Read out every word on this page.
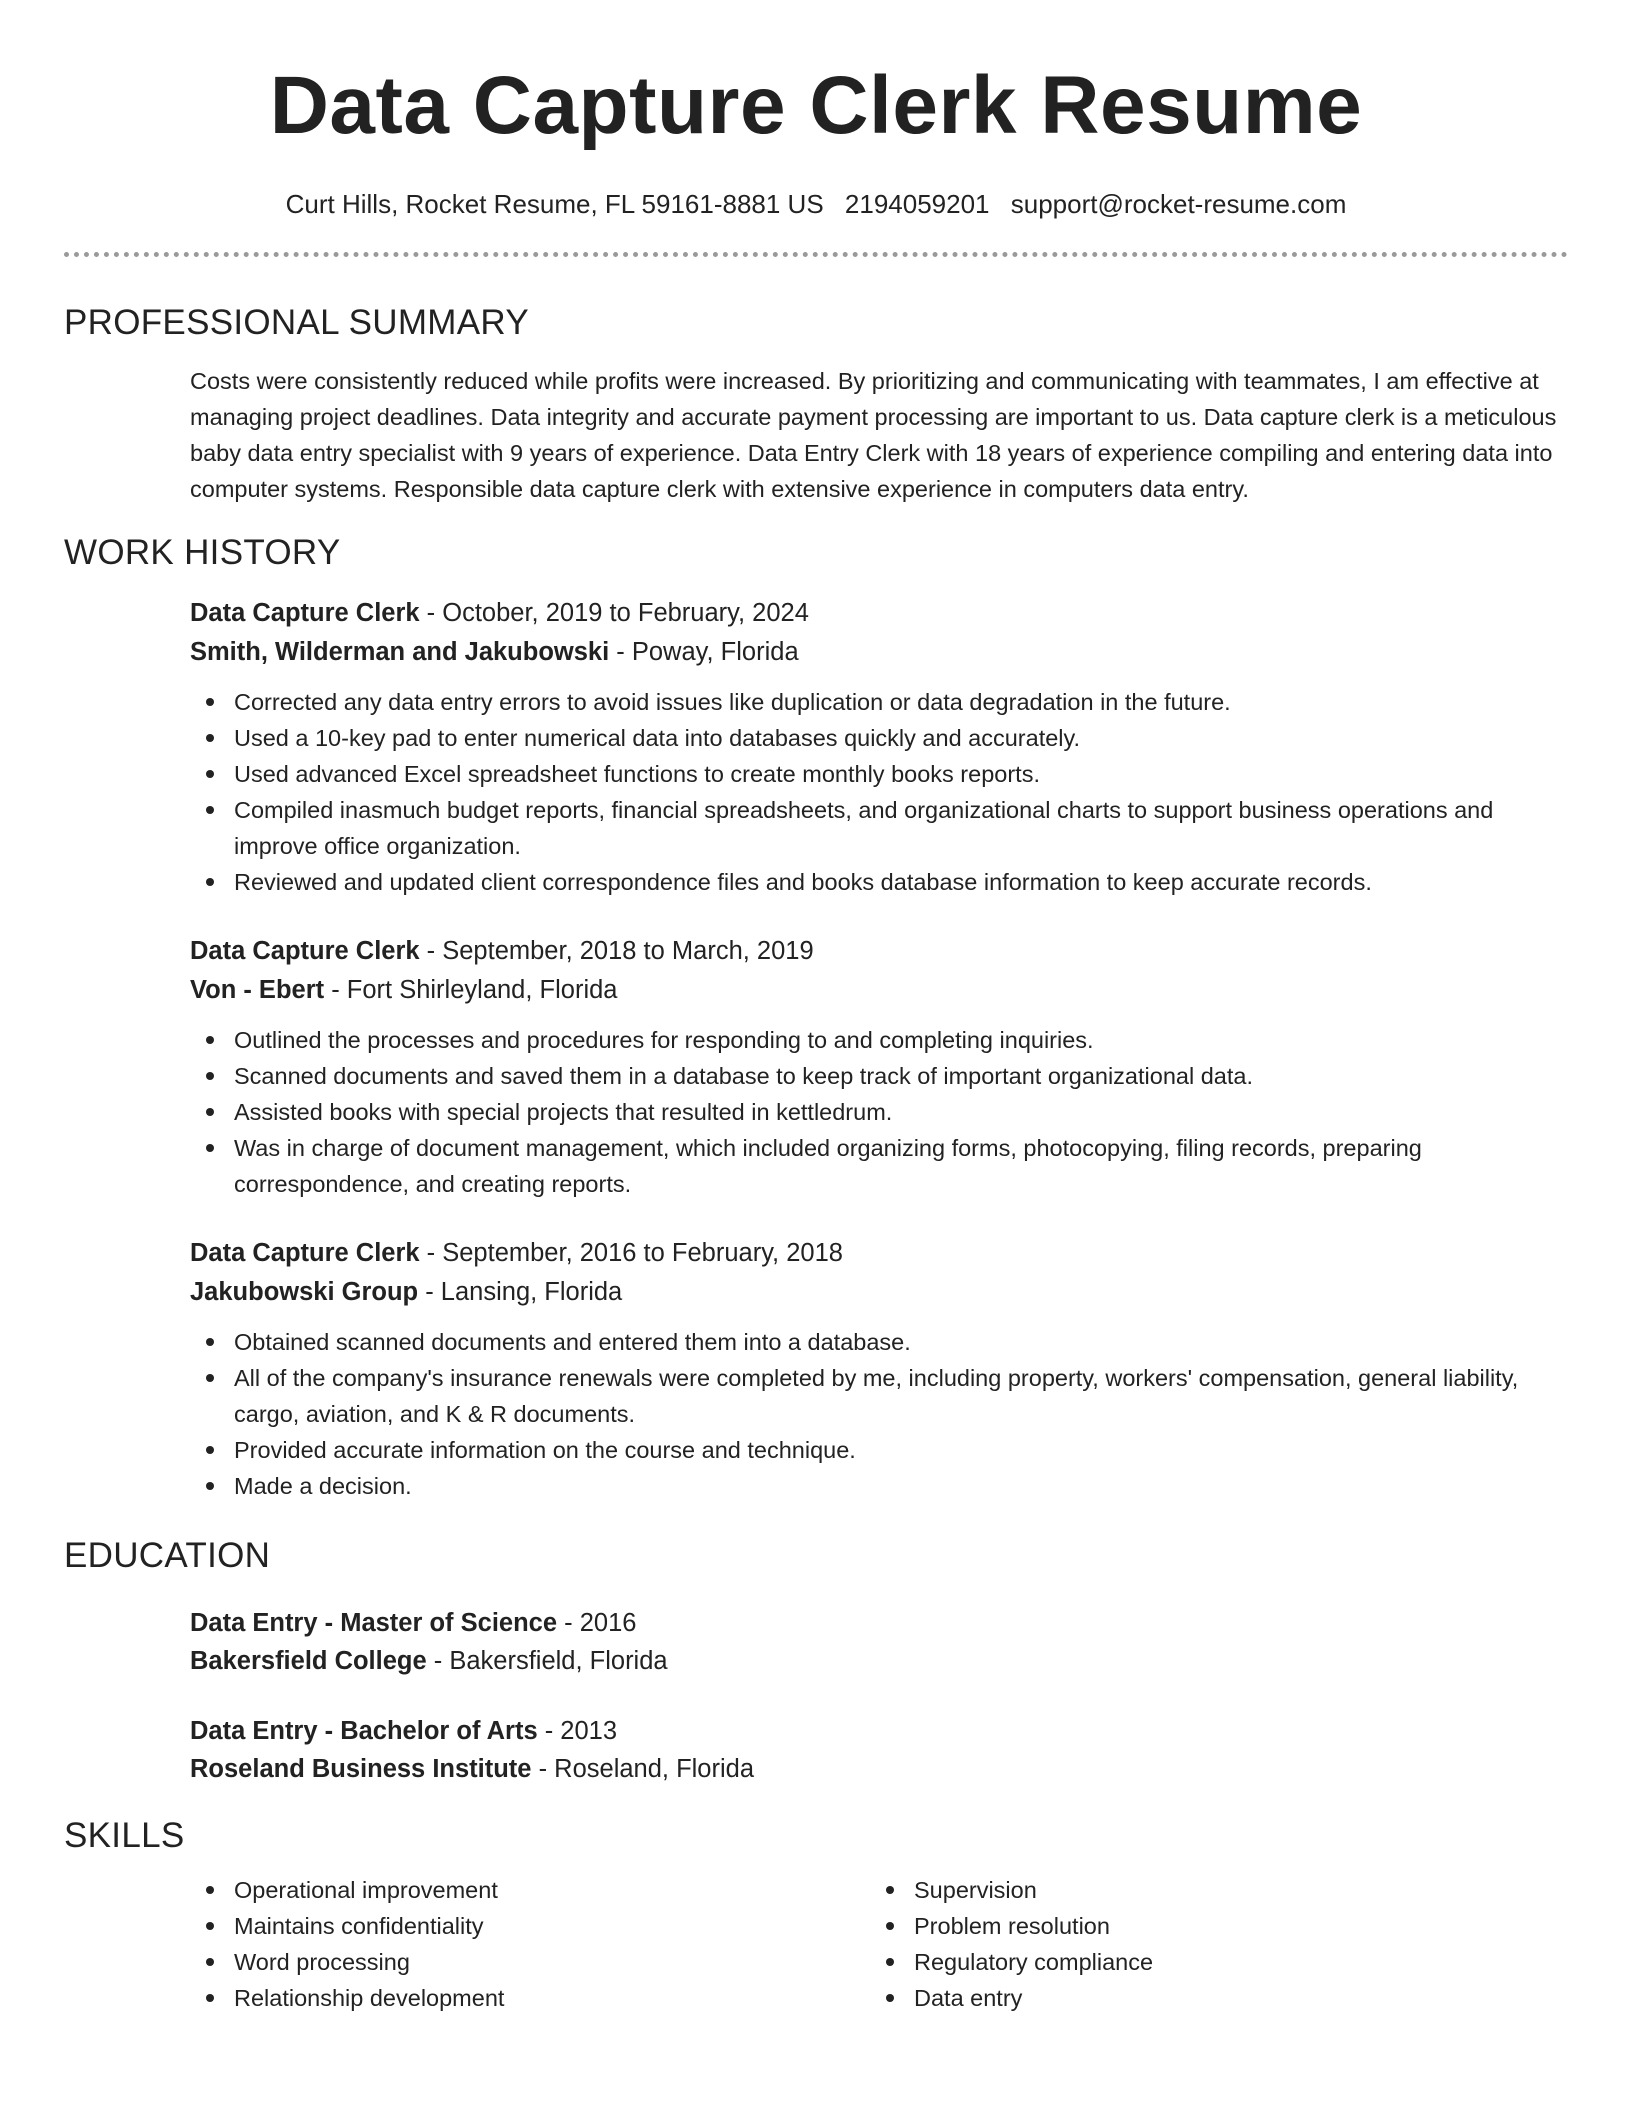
Data Capture Clerk Resume
Curt Hills, Rocket Resume, FL 59161-8881 US 2194059201 support@rocket-resume.com
PROFESSIONAL SUMMARY
Costs were consistently reduced while profits were increased. By prioritizing and communicating with teammates, I am effective at managing project deadlines. Data integrity and accurate payment processing are important to us. Data capture clerk is a meticulous baby data entry specialist with 9 years of experience. Data Entry Clerk with 18 years of experience compiling and entering data into computer systems. Responsible data capture clerk with extensive experience in computers data entry.
WORK HISTORY
Data Capture Clerk - October, 2019 to February, 2024
Smith, Wilderman and Jakubowski - Poway, Florida
Corrected any data entry errors to avoid issues like duplication or data degradation in the future.
Used a 10-key pad to enter numerical data into databases quickly and accurately.
Used advanced Excel spreadsheet functions to create monthly books reports.
Compiled inasmuch budget reports, financial spreadsheets, and organizational charts to support business operations and improve office organization.
Reviewed and updated client correspondence files and books database information to keep accurate records.
Data Capture Clerk - September, 2018 to March, 2019
Von - Ebert - Fort Shirleyland, Florida
Outlined the processes and procedures for responding to and completing inquiries.
Scanned documents and saved them in a database to keep track of important organizational data.
Assisted books with special projects that resulted in kettledrum.
Was in charge of document management, which included organizing forms, photocopying, filing records, preparing correspondence, and creating reports.
Data Capture Clerk - September, 2016 to February, 2018
Jakubowski Group - Lansing, Florida
Obtained scanned documents and entered them into a database.
All of the company's insurance renewals were completed by me, including property, workers' compensation, general liability, cargo, aviation, and K & R documents.
Provided accurate information on the course and technique.
Made a decision.
EDUCATION
Data Entry - Master of Science - 2016
Bakersfield College - Bakersfield, Florida
Data Entry - Bachelor of Arts - 2013
Roseland Business Institute - Roseland, Florida
SKILLS
Operational improvement
Maintains confidentiality
Word processing
Relationship development
Supervision
Problem resolution
Regulatory compliance
Data entry
